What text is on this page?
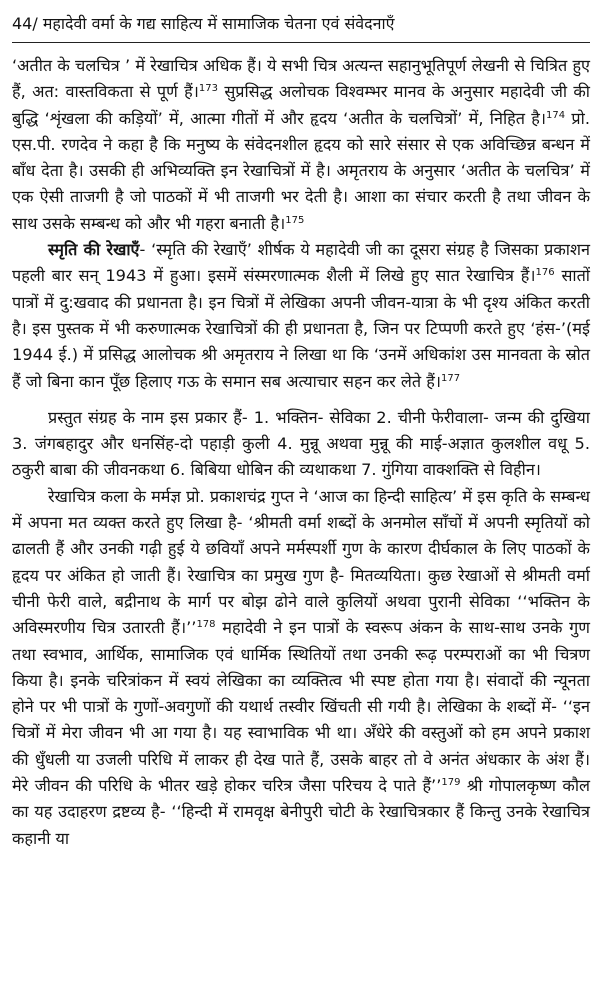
44/ महादेवी वर्मा के गद्य साहित्य में सामाजिक चेतना एवं संवेदनाएँ

‘अतीत के चलचित्र ’ में रेखाचित्र अधिक हैं। ये सभी चित्र अत्यन्त सहानुभूतिपूर्ण लेखनी से चित्रित हुए हैं, अत: वास्तविकता से पूर्ण हैं।$^{173}$ सुप्रसिद्ध अलोचक विश्वम्भर मानव के अनुसार महादेवी जी की बुद्धि ‘शृंखला की कड़ियों’ में, आत्मा गीतों में और हृदय ‘अतीत के चलचित्रों’ में, निहित है।$^{174}$ प्रो. एस.पी. रणदेव ने कहा है कि मनुष्य के संवेदनशील हृदय को सारे संसार से एक अविच्छिन्न बन्धन में बाँध देता है। उसकी ही अभिव्यक्ति इन रेखाचित्रों में है। अमृतराय के अनुसार ‘अतीत के चलचित्र’ में एक ऐसी ताजगी है जो पाठकों में भी ताजगी भर देती है। आशा का संचार करती है तथा जीवन के साथ उसके सम्बन्ध को और भी गहरा बनाती है।$^{175}$

स्मृति की रेखाएँ- ‘स्मृति की रेखाएँ’ शीर्षक ये महादेवी जी का दूसरा संग्रह है जिसका प्रकाशन पहली बार सन् 1943 में हुआ। इसमें संस्मरणात्मक शैली में लिखे हुए सात रेखाचित्र हैं।$^{176}$ सातों पात्रों में दु:खवाद की प्रधानता है। इन चित्रों में लेखिका अपनी जीवन-यात्रा के भी दृश्य अंकित करती है। इस पुस्तक में भी करुणात्मक रेखाचित्रों की ही प्रधानता है, जिन पर टिप्पणी करते हुए ‘हंस-’(मई 1944 ई.) में प्रसिद्ध आलोचक श्री अमृतराय ने लिखा था कि ‘उनमें अधिकांश उस मानवता के स्रोत हैं जो बिना कान पूँछ हिलाए गऊ के समान सब अत्याचार सहन कर लेते हैं।$^{177}$

प्रस्तुत संग्रह के नाम इस प्रकार हैं- 1. भक्तिन- सेविका 2. चीनी फेरीवाला- जन्म की दुखिया 3. जंगबहादुर और धनसिंह-दो पहाड़ी कुली 4. मुन्नू अथवा मुन्नू की माई-अज्ञात कुलशील वधू 5. ठकुरी बाबा की जीवनकथा 6. बिबिया धोबिन की व्यथाकथा 7. गुंगिया वाक्शक्ति से विहीन।

रेखाचित्र कला के मर्मज्ञ प्रो. प्रकाशचंद्र गुप्त ने ‘आज का हिन्दी साहित्य’ में इस कृति के सम्बन्ध में अपना मत व्यक्त करते हुए लिखा है- ‘श्रीमती वर्मा शब्दों के अनमोल साँचों में अपनी स्मृतियों को ढालती हैं और उनकी गढ़ी हुई ये छवियाँ अपने मर्मस्पर्शी गुण के कारण दीर्घकाल के लिए पाठकों के हृदय पर अंकित हो जाती हैं। रेखाचित्र का प्रमुख गुण है- मितव्ययिता। कुछ रेखाओं से श्रीमती वर्मा चीनी फेरी वाले, बद्रीनाथ के मार्ग पर बोझ ढोने वाले कुलियों अथवा पुरानी सेविका ‘‘भक्तिन के अविस्मरणीय चित्र उतारती हैं।’’$^{178}$ महादेवी ने इन पात्रों के स्वरूप अंकन के साथ-साथ उनके गुण तथा स्वभाव, आर्थिक, सामाजिक एवं धार्मिक स्थितियों तथा उनकी रूढ़ परम्पराओं का भी चित्रण किया है। इनके चरित्रांकन में स्वयं लेखिका का व्यक्तित्व भी स्पष्ट होता गया है। संवादों की न्यूनता होने पर भी पात्रों के गुणों-अवगुणों की यथार्थ तस्वीर खिंचती सी गयी है। लेखिका के शब्दों में- ‘‘इन चित्रों में मेरा जीवन भी आ गया है। यह स्वाभाविक भी था। अँधेरे की वस्तुओं को हम अपने प्रकाश की धुँधली या उजली परिधि में लाकर ही देख पाते हैं, उसके बाहर तो वे अनंत अंधकार के अंश हैं। मेरे जीवन की परिधि के भीतर खड़े होकर चरित्र जैसा परिचय दे पाते हैं’’$^{179}$ श्री गोपालकृष्ण कौल का यह उदाहरण द्रष्टव्य है- ‘‘हिन्दी में रामवृक्ष बेनीपुरी चोटी के रेखाचित्रकार हैं किन्तु उनके रेखाचित्र कहानी या
